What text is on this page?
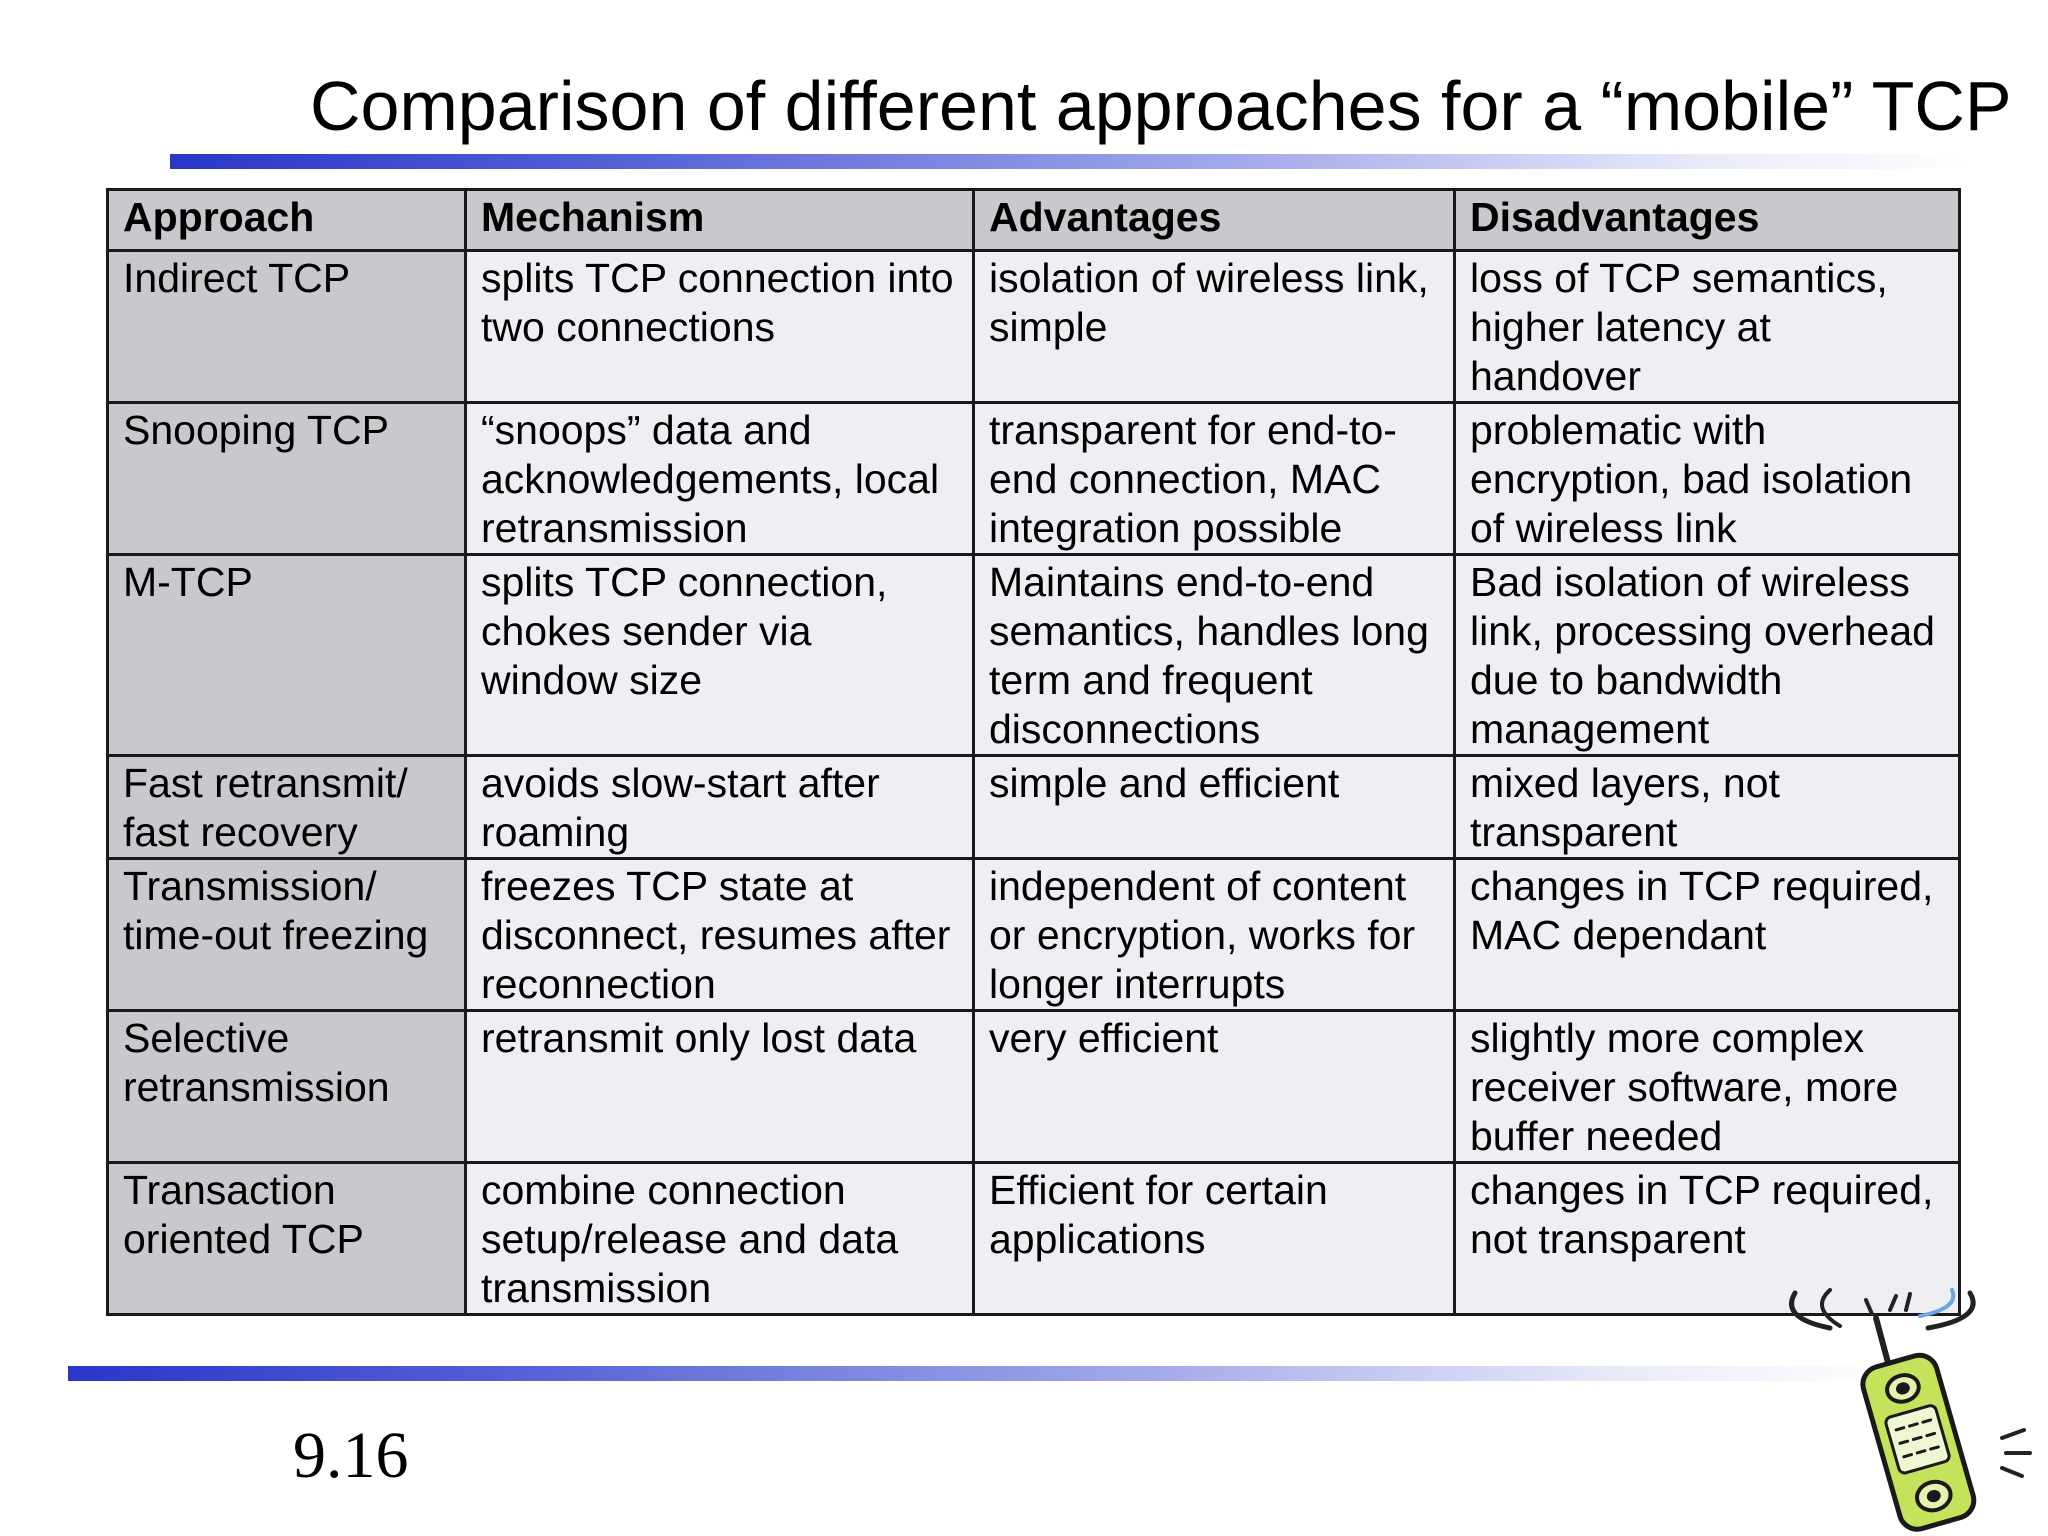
Comparison of different approaches for a “mobile” TCP
Approach	Mechanism	Advantages	Disadvantages
Indirect TCP	splits TCP connection into two connections	isolation of wireless link, simple	loss of TCP semantics, higher latency at handover
Snooping TCP	“snoops” data and acknowledgements, local retransmission	transparent for end-to-end connection, MAC integration possible	problematic with encryption, bad isolation of wireless link
M-TCP	splits TCP connection, chokes sender via window size	Maintains end-to-end semantics, handles long term and frequent disconnections	Bad isolation of wireless link, processing overhead due to bandwidth management
Fast retransmit/ fast recovery	avoids slow-start after roaming	simple and efficient	mixed layers, not transparent
Transmission/ time-out freezing	freezes TCP state at disconnect, resumes after reconnection	independent of content or encryption, works for longer interrupts	changes in TCP required, MAC dependant
Selective retransmission	retransmit only lost data	very efficient	slightly more complex receiver software, more buffer needed
Transaction oriented TCP	combine connection setup/release and data transmission	Efficient for certain applications	changes in TCP required, not transparent
9.16
